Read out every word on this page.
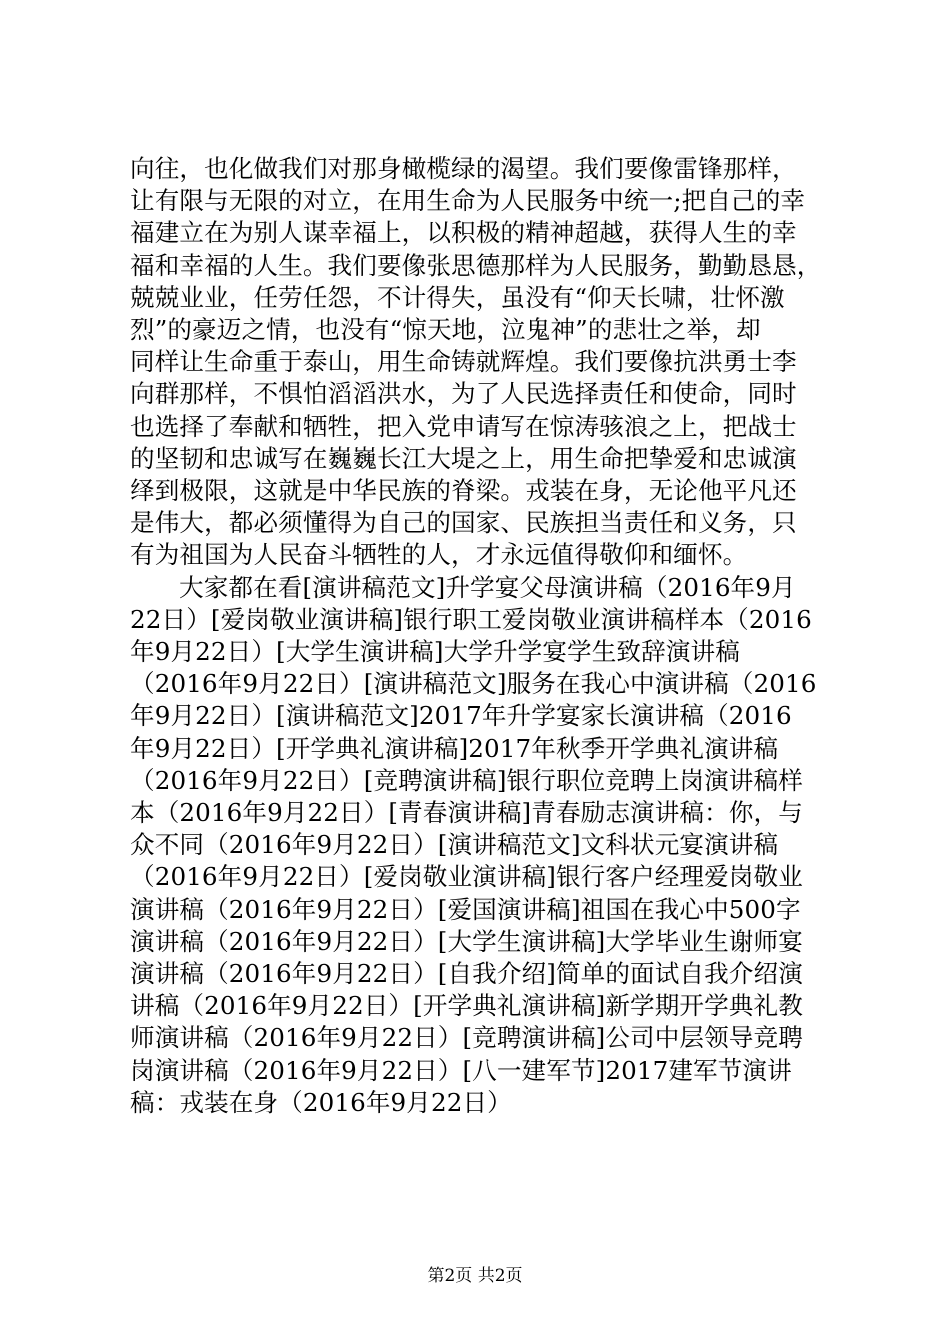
向往，也化做我们对那身橄榄绿的渴望。我们要像雷锋那样，
让有限与无限的对立，在用生命为人民服务中统一;把自己的幸
福建立在为别人谋幸福上，以积极的精神超越，获得人生的幸
福和幸福的人生。我们要像张思德那样为人民服务，勤勤恳恳，
兢兢业业，任劳任怨，不计得失，虽没有“仰天长啸，壮怀激
烈”的豪迈之情，也没有“惊天地，泣鬼神”的悲壮之举，却
同样让生命重于泰山，用生命铸就辉煌。我们要像抗洪勇士李
向群那样，不惧怕滔滔洪水，为了人民选择责任和使命，同时
也选择了奉献和牺牲，把入党申请写在惊涛骇浪之上，把战士
的坚韧和忠诚写在巍巍长江大堤之上，用生命把挚爱和忠诚演
绎到极限，这就是中华民族的脊梁。戎装在身，无论他平凡还
是伟大，都必须懂得为自己的国家、民族担当责任和义务，只
有为祖国为人民奋斗牺牲的人，才永远值得敬仰和缅怀。
大家都在看[演讲稿范文]升学宴父母演讲稿（2016年9月
22日）[爱岗敬业演讲稿]银行职工爱岗敬业演讲稿样本（2016
年9月22日）[大学生演讲稿]大学升学宴学生致辞演讲稿
（2016年9月22日）[演讲稿范文]服务在我心中演讲稿（2016
年9月22日）[演讲稿范文]2017年升学宴家长演讲稿（2016
年9月22日）[开学典礼演讲稿]2017年秋季开学典礼演讲稿
（2016年9月22日）[竞聘演讲稿]银行职位竞聘上岗演讲稿样
本（2016年9月22日）[青春演讲稿]青春励志演讲稿：你，与
众不同（2016年9月22日）[演讲稿范文]文科状元宴演讲稿
（2016年9月22日）[爱岗敬业演讲稿]银行客户经理爱岗敬业
演讲稿（2016年9月22日）[爱国演讲稿]祖国在我心中500字
演讲稿（2016年9月22日）[大学生演讲稿]大学毕业生谢师宴
演讲稿（2016年9月22日）[自我介绍]简单的面试自我介绍演
讲稿（2016年9月22日）[开学典礼演讲稿]新学期开学典礼教
师演讲稿（2016年9月22日）[竞聘演讲稿]公司中层领导竞聘
岗演讲稿（2016年9月22日）[八一建军节]2017建军节演讲
稿：戎装在身（2016年9月22日）
第2页 共2页
